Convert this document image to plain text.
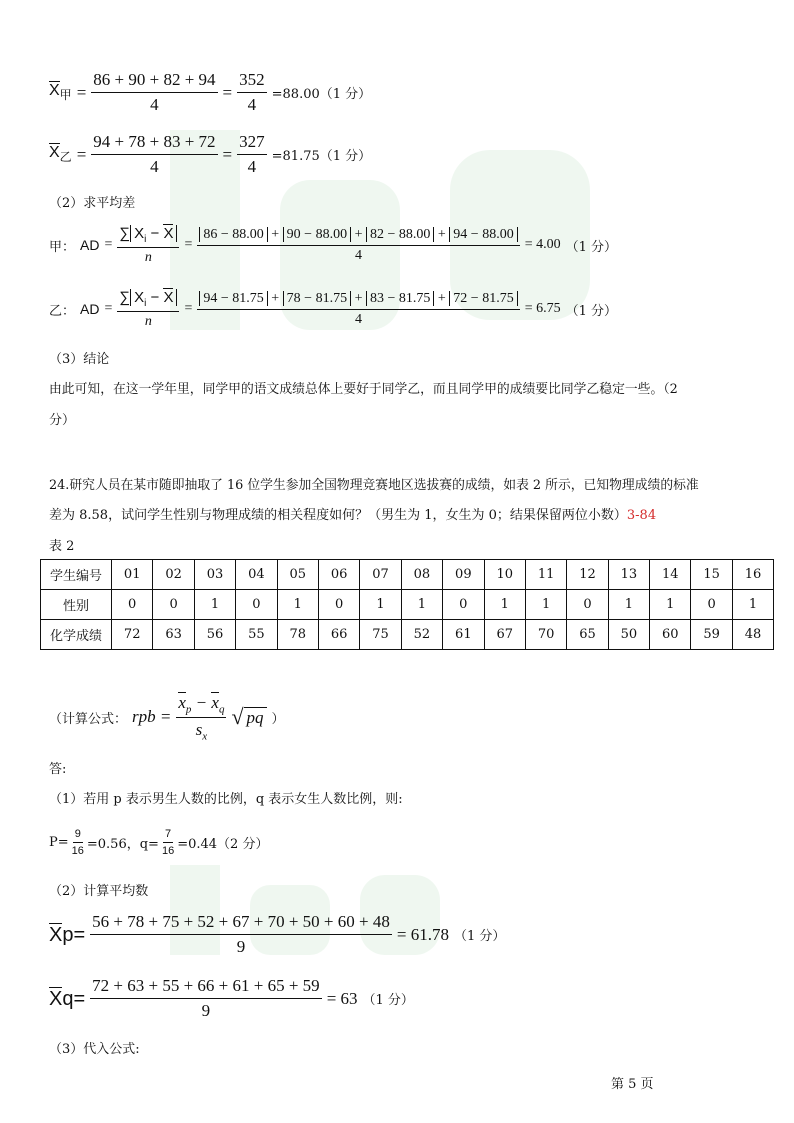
$X_甲 = \frac{86 + 90 + 82 + 94}{4} = \frac{352}{4} =88.00(1$ 分）
$X_乙 = \frac{94 + 78 + 83 + 72}{4} = \frac{327}{4} =81.75(1$ 分）
（2）求平均差
甲： AD = $\frac{\sum X_i - X}{n} = \frac{86 - 88.00 + 90 - 88.00 + 82 - 88.00 + 94 - 88.00}{4} = 4.00$ （1 分）
乙： AD = $\frac{\sum X_i - X}{n} = \frac{94 - 81.75 + 78 - 81.75 + 83 - 81.75 + 72 - 81.75}{4} = 6.75$ （1 分）
（3）结论
由此可知，在这一学年里，同学甲的语文成绩总体上要好于同学乙，而且同学甲的成绩要比同学乙稳定一些。（2
分）
24.研究人员在某市随即抽取了 16 位学生参加全国物理竞赛地区选拔赛的成绩，如表 2 所示，已知物理成绩的标准
差为 8.58，试问学生性别与物理成绩的相关程度如何？（男生为 1，女生为 0；结果保留两位小数）3-84
表 2
学生编号	01	02	03	04	05	06	07	08	09	10	11	12	13	14	15	16
性别	0	0	1	0	1	0	1	1	0	1	1	0	1	1	0	1
化学成绩	72	63	56	55	78	66	75	52	61	67	70	65	50	60	59	48
（计算公式： rpb = $\frac{x_p - x_q}{s_x}$ √ pq ）
答:
（1）若用 p 表示男生人数的比例，q 表示女生人数比例，则:
$P= \frac{9}{16} =0.56$，$q= \frac{7}{16} =0.44(2$ 分）
（2）计算平均数
$Xp= \frac{56 + 78 + 75 + 52 + 67 + 70 + 50 + 60 + 48}{9} = 61.78$ （1 分）
$Xq= \frac{72 + 63 + 55 + 66 + 61 + 65 + 59}{9} = 63$ （1 分）
（3）代入公式:
第 5 页
